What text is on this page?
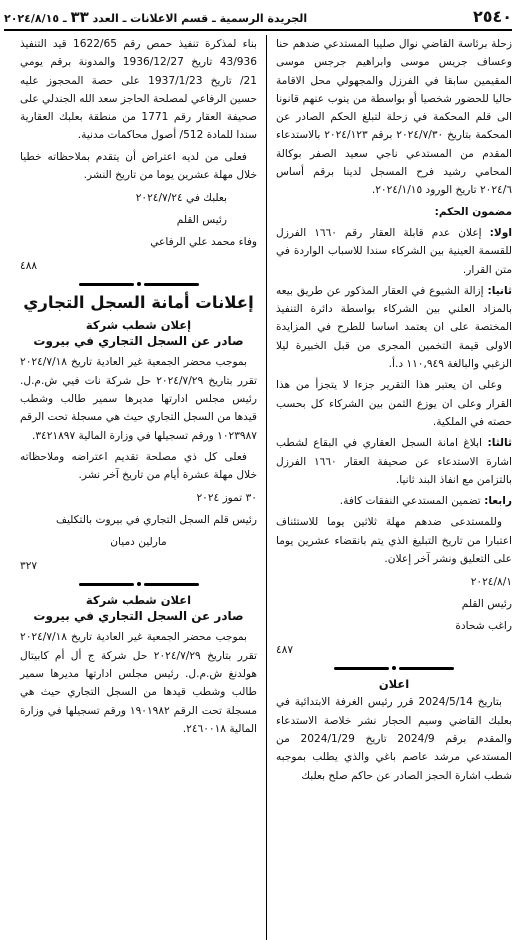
٢٥٤٠
الجريدة الرسمية ـ قسم الاعلانات ـ العدد ٣٣ ـ ٢٠٢٤/٨/١٥

زحلة برئاسة القاضي نوال صليبا المستدعي ضدهم حنا وعساف جريس موسى وابراهيم جرجس موسى المقيمين سابقا في الفرزل والمجهولي محل الاقامة حاليا للحضور شخصيا أو بواسطة من ينوب عنهم قانونا الى قلم المحكمة في زحلة لتبلغ الحكم الصادر عن المحكمة بتاريخ ٢٠٢٤/٧/٣٠ برقم ٢٠٢٤/١٢٣ بالاستدعاء المقدم من المستدعي ناجي سعيد الصفر بوكالة المحامي رشيد فرح المسجل لدينا برقم أساس ٢٠٢٤/٦ تاريخ الورود ٢٠٢٤/١/١٥.

مضمون الحكم:

اولا: إعلان عدم قابلة العقار رقم ١٦٦٠ الفرزل للقسمة العينية بين الشركاء سندا للاسباب الواردة في متن القرار.

ثانيا: إزالة الشيوع في العقار المذكور عن طريق بيعه بالمزاد العلني بين الشركاء بواسطة دائرة التنفيذ المختصة على ان يعتمد اساسا للطرح في المزايدة الاولى قيمة التخمين المجرى من قبل الخبيرة ليلا الزغبي والبالغة ١١٠,٩٤٩ د.أ.

وعلى ان يعتبر هذا التقرير جزءا لا يتجزأ من هذا القرار وعلى ان يوزع الثمن بين الشركاء كل بحسب حصته في الملكية.

ثالثا: ابلاغ امانة السجل العقاري في البقاع لشطب اشارة الاستدعاء عن صحيفة العقار ١٦٦٠ الفرزل بالتزامن مع انفاذ البند ثانيا.

رابعا: تضمين المستدعي النفقات كافة.

وللمستدعى ضدهم مهلة ثلاثين يوما للاستئناف اعتبارا من تاريخ التبليغ الذي يتم بانقضاء عشرين يوما على التعليق ونشر آخر إعلان.

٢٠٢٤/٨/١

رئيس القلم

راغب شحادة

٤٨٧

اعلان

بتاريخ 2024/5/14 قرر رئيس الغرفة الابتدائية في بعلبك القاضي وسيم الحجار نشر خلاصة الاستدعاء والمقدم برقم 2024/9 تاريخ 2024/1/29 من المستدعي مرشد عاصم باغي والذي يطلب بموجبه شطب اشارة الحجز الصادر عن حاكم صلح بعلبك

بناء لمذكرة تنفيذ حمص رقم 1622/65 قيد التنفيذ 43/936 تاريخ 1936/12/27 والمدونة برقم يومي 21/ تاريخ 1937/1/23 على حصة المحجوز عليه حسين الرفاعي لمصلحة الحاجز سعد الله الجندلي على صحيفة العقار رقم 1771 من منطقة بعلبك العقارية سندا للمادة 512/ أصول محاكمات مدنية.

فعلى من لديه اعتراض أن يتقدم بملاحظاته خطيا خلال مهلة عشرين يوما من تاريخ النشر.

بعلبك في ٢٠٢٤/٧/٢٤

رئيس القلم

وفاء محمد علي الرفاعي

٤٨٨

إعلانات أمانة السجل التجاري
إعلان شطب شركة
صادر عن السجل التجاري في بيروت

بموجب محضر الجمعية غير العادية تاريخ ٢٠٢٤/٧/١٨ تقرر بتاريخ ٢٠٢٤/٧/٢٩ حل شركة نات فيي ش.م.ل. رئيس مجلس ادارتها مديرها سمير طالب وشطب قيدها من السجل التجاري حيث هي مسجلة تحت الرقم ١٠٢٣٩٨٧ ورقم تسجيلها في وزارة المالية ٣٤٢١٨٩٧.

فعلى كل ذي مصلحة تقديم اعتراضه وملاحظاته خلال مهلة عشرة أيام من تاريخ آخر نشر.

٣٠ تموز ٢٠٢٤

رئيس قلم السجل التجاري في بيروت بالتكليف

مارلين دميان

٣٢٧

اعلان شطب شركة
صادر عن السجل التجاري في بيروت

بموجب محضر الجمعية غير العادية تاريخ ٢٠٢٤/٧/١٨ تقرر بتاريخ ٢٠٢٤/٧/٢٩ حل شركة ج أل أم كابيتال هولدنغ ش.م.ل. رئيس مجلس ادارتها مديرها سمير طالب وشطب قيدها من السجل التجاري حيث هي مسجلة تحت الرقم ١٩٠١٩٨٢ ورقم تسجيلها في وزارة المالية ٢٤٦٠٠١٨.
